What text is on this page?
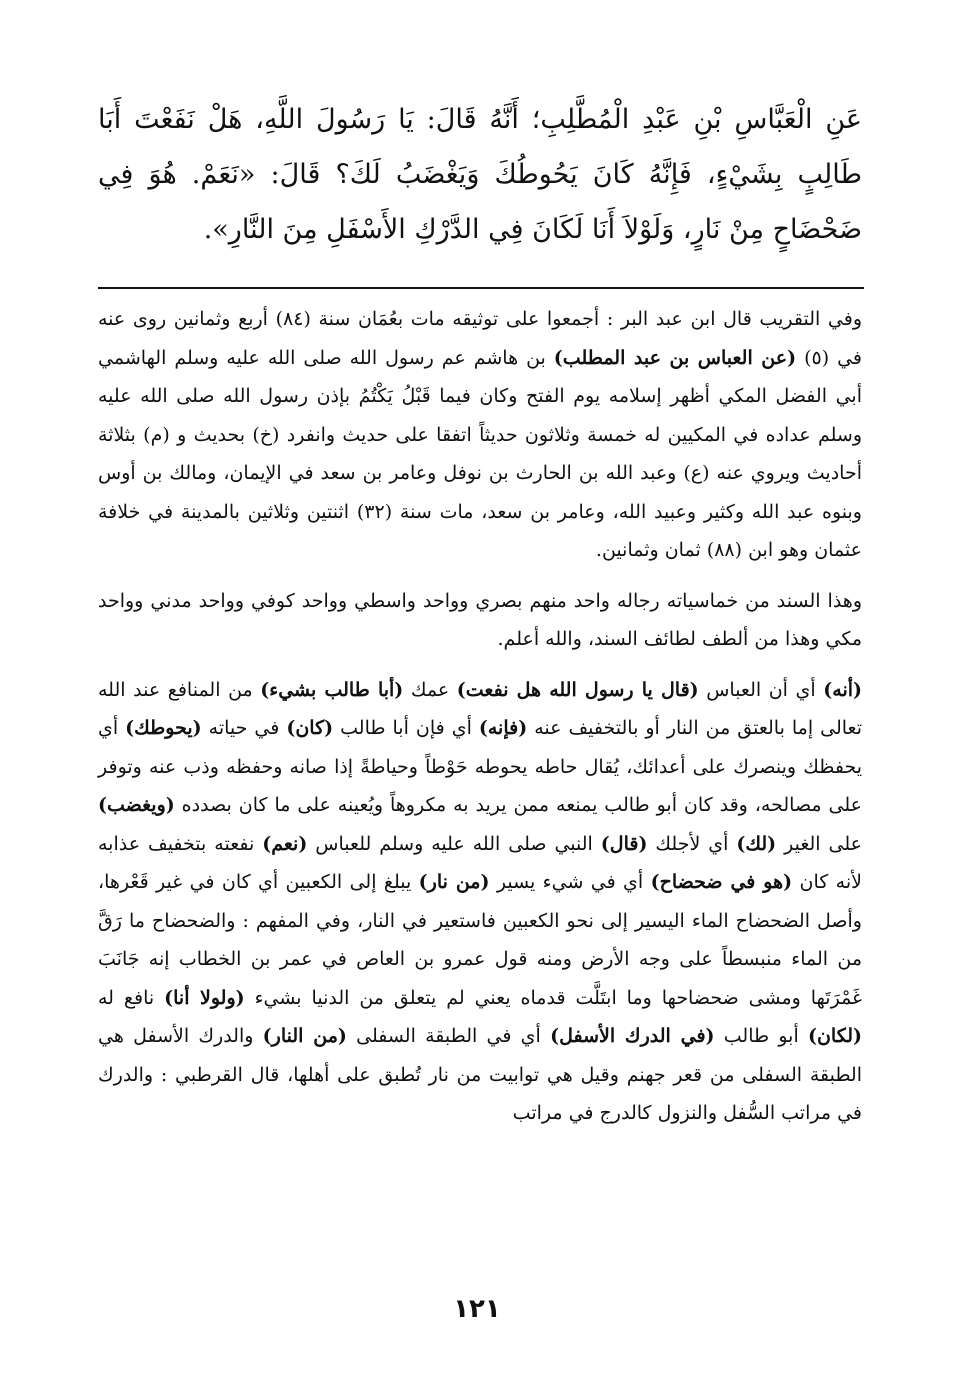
عَنِ الْعَبَّاسِ بْنِ عَبْدِ الْمُطَّلِبِ؛ أَنَّهُ قَالَ: يَا رَسُولَ اللَّهِ، هَلْ نَفَعْتَ أَبَا طَالِبٍ بِشَيْءٍ، فَإِنَّهُ كَانَ يَحُوطُكَ وَيَغْضَبُ لَكَ؟ قَالَ: «نَعَمْ. هُوَ فِي ضَحْضَاحٍ مِنْ نَارٍ، وَلَوْلاَ أَنَا لَكَانَ فِي الدَّرْكِ الأَسْفَلِ مِنَ النَّارِ».

وفي التقريب قال ابن عبد البر : أجمعوا على توثيقه مات بعُمَان سنة (٨٤) أربع وثمانين روى عنه في (٥) (عن العباس بن عبد المطلب) بن هاشم عم رسول الله صلى الله عليه وسلم الهاشمي أبي الفضل المكي أظهر إسلامه يوم الفتح وكان فيما قَبْلُ يَكْتُمُ بإذن رسول الله صلى الله عليه وسلم عداده في المكيين له خمسة وثلاثون حديثاً اتفقا على حديث وانفرد (خ) بحديث و (م) بثلاثة أحاديث ويروي عنه (ع) وعبد الله بن الحارث بن نوفل وعامر بن سعد في الإيمان، ومالك بن أوس وبنوه عبد الله وكثير وعبيد الله، وعامر بن سعد، مات سنة (٣٢) اثنتين وثلاثين بالمدينة في خلافة عثمان وهو ابن (٨٨) ثمان وثمانين.

وهذا السند من خماسياته رجاله واحد منهم بصري وواحد واسطي وواحد كوفي وواحد مدني وواحد مكي وهذا من ألطف لطائف السند، والله أعلم.

(أنه) أي أن العباس (قال يا رسول الله هل نفعت) عمك (أبا طالب بشيء) من المنافع عند الله تعالى إما بالعتق من النار أو بالتخفيف عنه (فإنه) أي فإن أبا طالب (كان) في حياته (يحوطك) أي يحفظك وينصرك على أعدائك، يُقال حاطه يحوطه حَوْطاً وحياطةً إذا صانه وحفظه وذب عنه وتوفر على مصالحه، وقد كان أبو طالب يمنعه ممن يريد به مكروهاً ويُعينه على ما كان بصدده (ويغضب) على الغير (لك) أي لأجلك (قال) النبي صلى الله عليه وسلم للعباس (نعم) نفعته بتخفيف عذابه لأنه كان (هو في ضحضاح) أي في شيء يسير (من نار) يبلغ إلى الكعبين أي كان في غير قَعْرها، وأصل الضحضاح الماء اليسير إلى نحو الكعبين فاستعير في النار، وفي المفهم : والضحضاح ما رَقَّ من الماء منبسطاً على وجه الأرض ومنه قول عمرو بن العاص في عمر بن الخطاب إنه جَانَبَ غَمْرَتَها ومشى ضحضاحها وما ابتَلَّت قدماه يعني لم يتعلق من الدنيا بشيء (ولولا أنا) نافع له (لكان) أبو طالب (في الدرك الأسفل) أي في الطبقة السفلى (من النار) والدرك الأسفل هي الطبقة السفلى من قعر جهنم وقيل هي توابيت من نار تُطبق على أهلها، قال القرطبي : والدرك في مراتب السُّفل والنزول كالدرج في مراتب

١٢١
